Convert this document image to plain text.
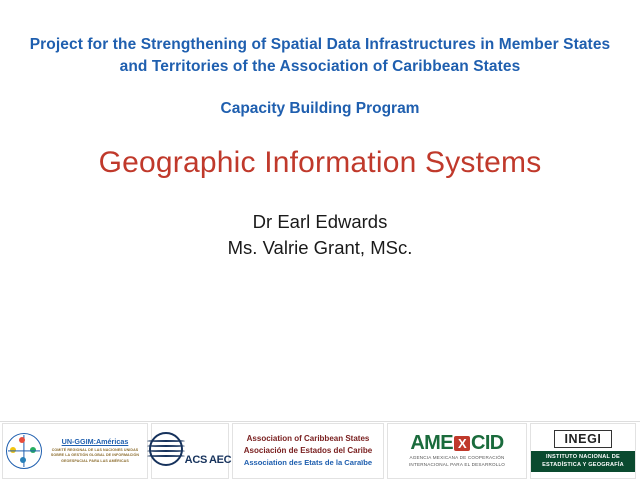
Project for the Strengthening of Spatial Data Infrastructures in Member States and Territories of the Association of Caribbean States
Capacity Building Program
Geographic Information Systems
Dr Earl Edwards
Ms. Valrie Grant, MSc.
UN-GGIM:Américas
COMITÉ REGIONAL DE LAS NACIONES UNIDAS SOBRE LA GESTIÓN GLOBAL DE INFORMACIÓN GEOESPACIAL PARA LAS AMÉRICAS	ACS AEC
Association of Caribbean States
Asociación de Estados del Caribe
Association des Etats de la Caraïbe
AME X CID
AGENCIA MEXICANA DE COOPERACIÓN INTERNACIONAL PARA EL DESARROLLO
INEGI
INSTITUTO NACIONAL DE ESTADÍSTICA Y GEOGRAFÍA
